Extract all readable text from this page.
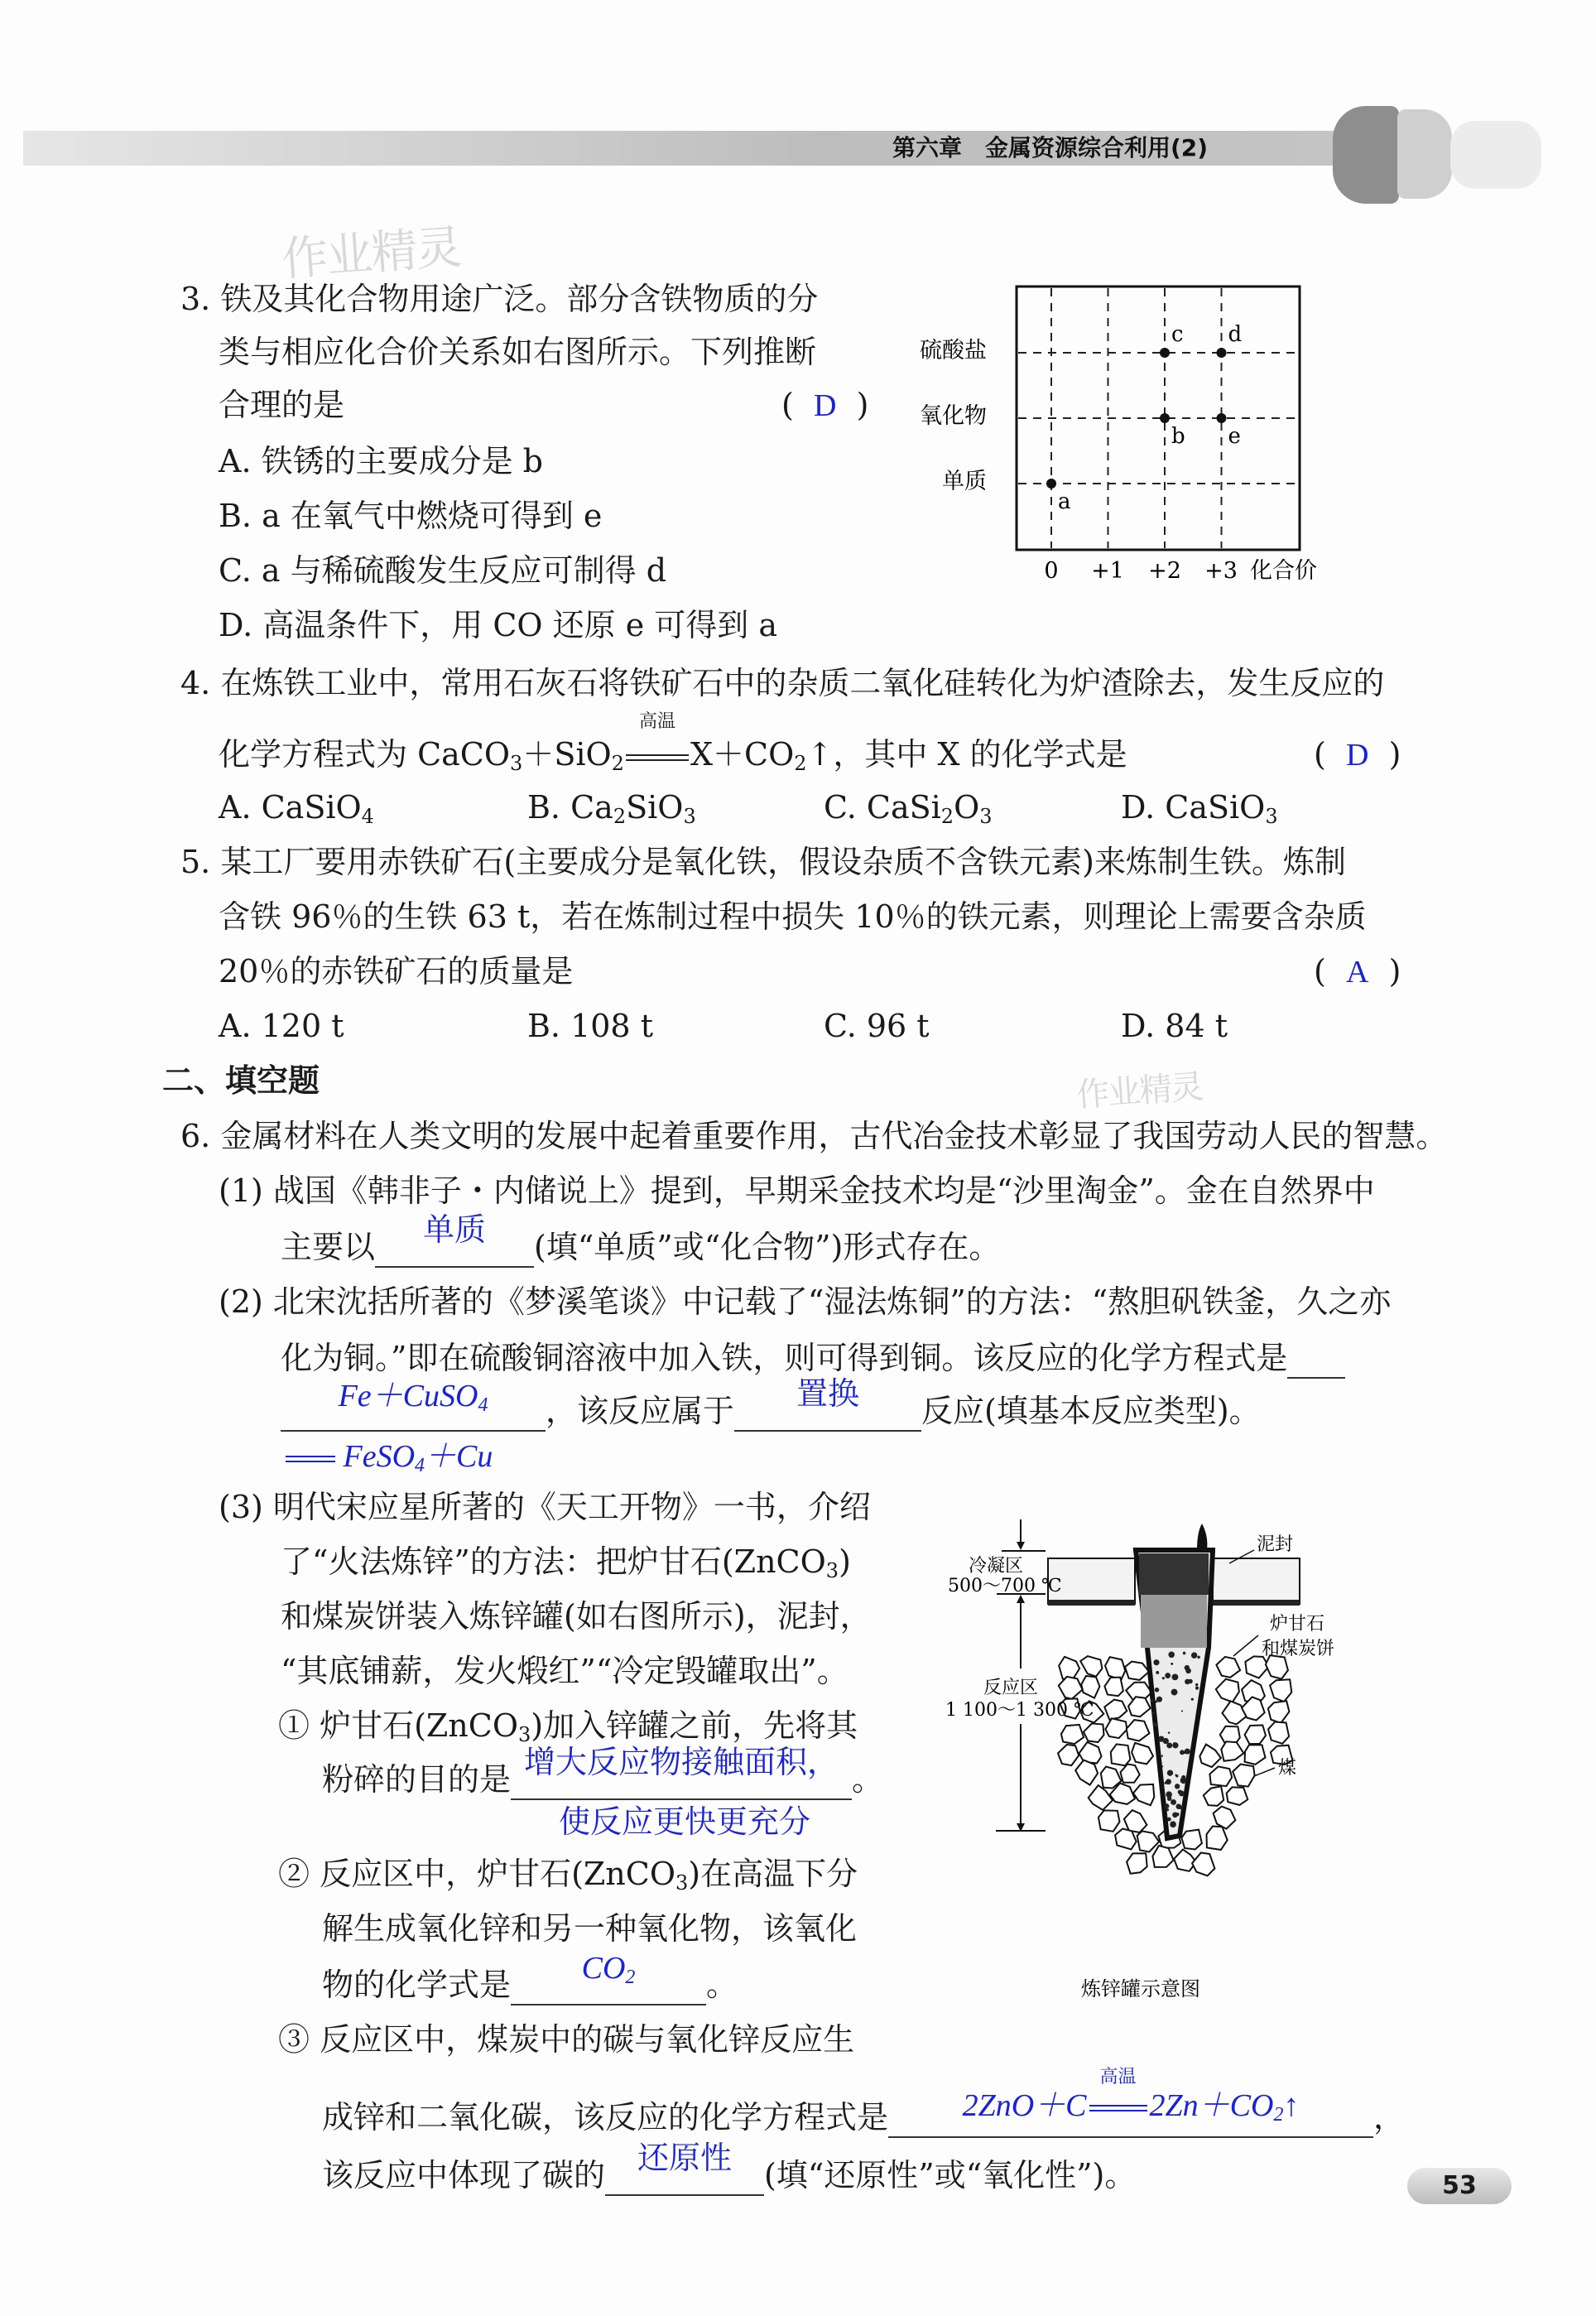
第六章　金属资源综合利用(2)
作业精灵
作业精灵
3. 铁及其化合物用途广泛。部分含铁物质的分
类与相应化合价关系如右图所示。下列推断
合理的是	(  D  )
A. 铁锈的主要成分是 b
B. a 在氧气中燃烧可得到 e
C. a 与稀硫酸发生反应可制得 d
D. 高温条件下，用 CO 还原 e 可得到 a
a
b
c d
e
硫酸盐
氧化物
单质
0 +1 +2 +3 化合价
4. 在炼铁工业中，常用石灰石将铁矿石中的杂质二氧化硅转化为炉渣除去，发生反应的
化学方程式为 CaCO$_3$＋SiO$_2$
高温
$X+CO_2↑$，其中 X 的化学式是	(  D  )
A. CaSiO$_4$	B. $Ca_2SiO_3$	C. $CaSi_2O_3$	D. CaSiO$_3$
5. 某工厂要用赤铁矿石(主要成分是氧化铁，假设杂质不含铁元素)来炼制生铁。炼制
含铁 96％的生铁 63 t，若在炼制过程中损失 10％的铁元素，则理论上需要含杂质
20％的赤铁矿石的质量是	(  A  )
A. 120 t	B. 108 t	C. 96 t	D. 84 t
二、填空题
6. 金属材料在人类文明的发展中起着重要作用，古代冶金技术彰显了我国劳动人民的智慧。
(1) 战国《韩非子・内储说上》提到，早期采金技术均是“沙里淘金”。金在自然界中
主要以	单质	(填“单质”或“化合物”)形式存在。
(2) 北宋沈括所著的《梦溪笔谈》中记载了“湿法炼铜”的方法：“熬胆矾铁釜，久之亦
化为铜。”即在硫酸铜溶液中加入铁，则可得到铜。该反应的化学方程式是
Fe＋CuSO$_4$	，该反应属于	置换	反应(填基本反应类型)。
FeSO$_4$＋Cu
(3) 明代宋应星所著的《天工开物》一书，介绍
了“火法炼锌”的方法：把炉甘石(ZnCO$_3$)
和煤炭饼装入炼锌罐(如右图所示)，泥封，
“其底铺薪，发火煅红”“冷定毁罐取出”。
① 炉甘石(ZnCO$_3$)加入锌罐之前，先将其
粉碎的目的是 增大反应物接触面积， 。
使反应更快更充分
② 反应区中，炉甘石(ZnCO$_3$)在高温下分
解生成氧化锌和另一种氧化物，该氧化
物的化学式是	$CO_2$	。
③ 反应区中，煤炭中的碳与氧化锌反应生
成锌和二氧化碳，该反应的化学方程式是	2ZnO＋C
高温
$2Zn+CO_2↑$	，
该反应中体现了碳的	还原性	(填“还原性”或“氧化性”)。
冷凝区
500～700 ℃
反应区
1 100～1 300 ℃
泥封
炉甘石
和煤炭饼
煤
炼锌罐示意图
53
